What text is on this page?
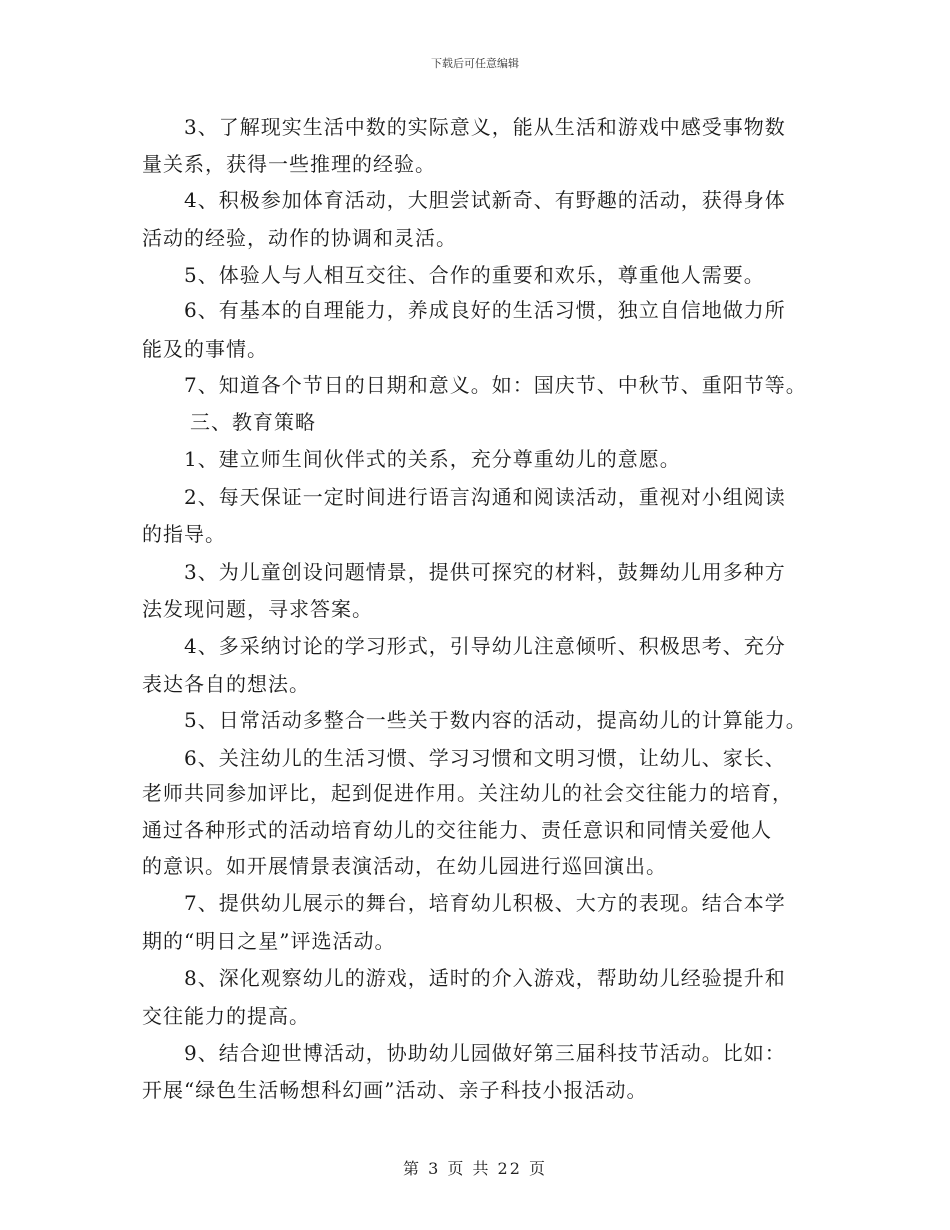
下载后可任意编辑
3、了解现实生活中数的实际意义，能从生活和游戏中感受事物数
量关系，获得一些推理的经验。
4、积极参加体育活动，大胆尝试新奇、有野趣的活动，获得身体
活动的经验，动作的协调和灵活。
5、体验人与人相互交往、合作的重要和欢乐，尊重他人需要。
6、有基本的自理能力，养成良好的生活习惯，独立自信地做力所
能及的事情。
7、知道各个节日的日期和意义。如：国庆节、中秋节、重阳节等。
三、教育策略
1、建立师生间伙伴式的关系，充分尊重幼儿的意愿。
2、每天保证一定时间进行语言沟通和阅读活动，重视对小组阅读
的指导。
3、为儿童创设问题情景，提供可探究的材料，鼓舞幼儿用多种方
法发现问题，寻求答案。
4、多采纳讨论的学习形式，引导幼儿注意倾听、积极思考、充分
表达各自的想法。
5、日常活动多整合一些关于数内容的活动，提高幼儿的计算能力。
6、关注幼儿的生活习惯、学习习惯和文明习惯，让幼儿、家长、
老师共同参加评比，起到促进作用。关注幼儿的社会交往能力的培育，
通过各种形式的活动培育幼儿的交往能力、责任意识和同情关爱他人
的意识。如开展情景表演活动，在幼儿园进行巡回演出。
7、提供幼儿展示的舞台，培育幼儿积极、大方的表现。结合本学
期的“明日之星”评选活动。
8、深化观察幼儿的游戏，适时的介入游戏，帮助幼儿经验提升和
交往能力的提高。
9、结合迎世博活动，协助幼儿园做好第三届科技节活动。比如：
开展“绿色生活畅想科幻画”活动、亲子科技小报活动。
第 3 页 共 22 页
